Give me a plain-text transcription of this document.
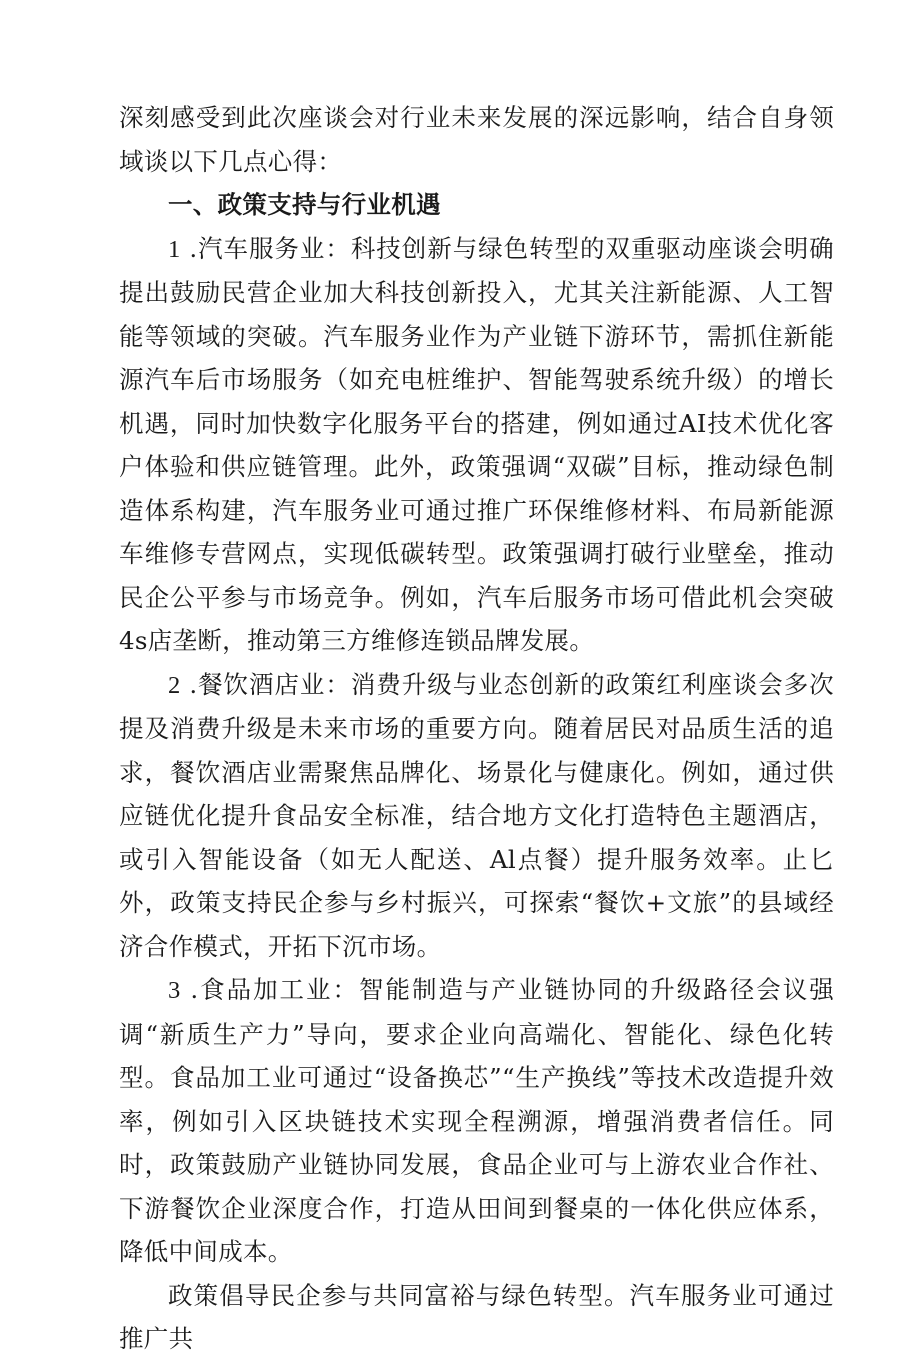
深刻感受到此次座谈会对行业未来发展的深远影响，结合自身领域谈以下几点心得：

一、政策支持与行业机遇

1 .汽车服务业：科技创新与绿色转型的双重驱动座谈会明确提出鼓励民营企业加大科技创新投入，尤其关注新能源、人工智能等领域的突破。汽车服务业作为产业链下游环节，需抓住新能源汽车后市场服务（如充电桩维护、智能驾驶系统升级）的增长机遇，同时加快数字化服务平台的搭建，例如通过AI技术优化客户体验和供应链管理。此外，政策强调“双碳”目标，推动绿色制造体系构建，汽车服务业可通过推广环保维修材料、布局新能源车维修专营网点，实现低碳转型。政策强调打破行业壁垒，推动民企公平参与市场竞争。例如，汽车后服务市场可借此机会突破4s店垄断，推动第三方维修连锁品牌发展。

2 .餐饮酒店业：消费升级与业态创新的政策红利座谈会多次提及消费升级是未来市场的重要方向。随着居民对品质生活的追求，餐饮酒店业需聚焦品牌化、场景化与健康化。例如，通过供应链优化提升食品安全标准，结合地方文化打造特色主题酒店，或引入智能设备（如无人配送、Al点餐）提升服务效率。止匕外，政策支持民企参与乡村振兴，可探索“餐饮+文旅”的县域经济合作模式，开拓下沉市场。

3 .食品加工业：智能制造与产业链协同的升级路径会议强调“新质生产力”导向，要求企业向高端化、智能化、绿色化转型。食品加工业可通过“设备换芯”“生产换线”等技术改造提升效率，例如引入区块链技术实现全程溯源，增强消费者信任。同时，政策鼓励产业链协同发展，食品企业可与上游农业合作社、下游餐饮企业深度合作，打造从田间到餐桌的一体化供应体系，降低中间成本。

政策倡导民企参与共同富裕与绿色转型。汽车服务业可通过推广共
